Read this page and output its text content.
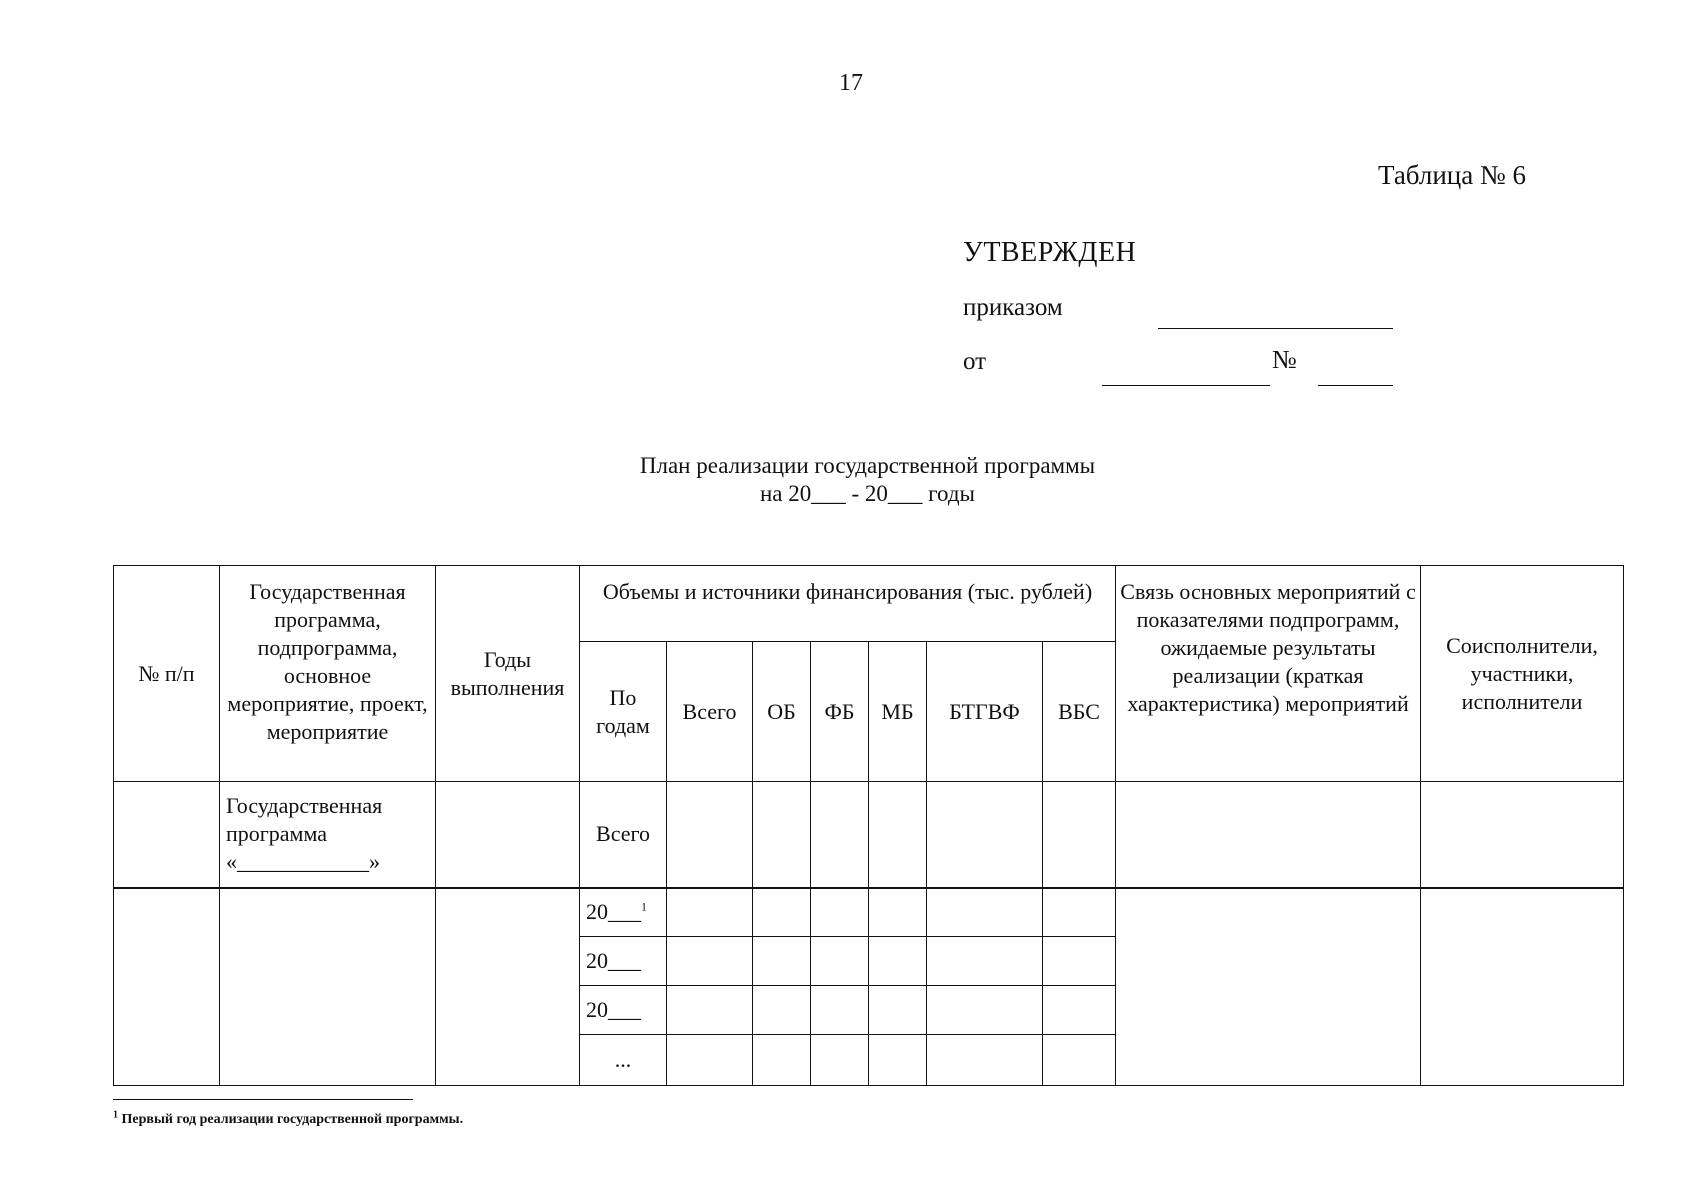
17
Таблица № 6
УТВЕРЖДЕН
приказом
от	№
План реализации государственной программы
на 20___ - 20___ годы
№ п/п	Государственная программа, подпрограмма, основное мероприятие, проект, мероприятие	Годы выполнения	Объемы и источники финансирования (тыс. рублей)							Связь основных мероприятий с показателями подпрограмм, ожидаемые результаты реализации (краткая характеристика) мероприятий	Соисполнители, участники, исполнители
			По годам	Всего	ОБ	ФБ	МБ	БТГВФ	ВБС		
	Государственная программа «____________»		Всего								
			20___$^1$								
			20___								
			20___								
			...								
$^1$ Первый год реализации государственной программы.
